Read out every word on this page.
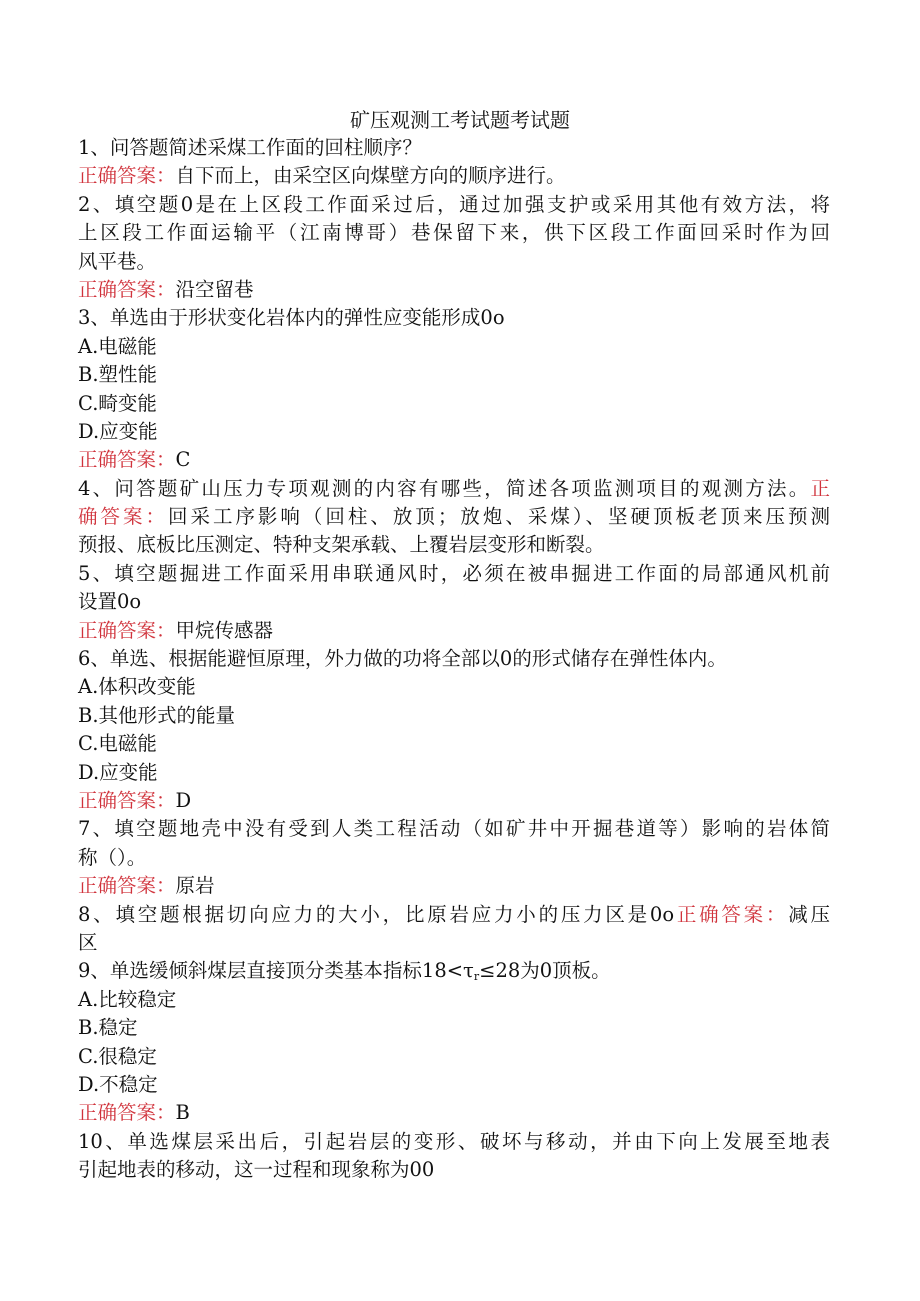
矿压观测工考试题考试题
1、问答题简述采煤工作面的回柱顺序？
正确答案：自下而上，由采空区向煤壁方向的顺序进行。
2、填空题0是在上区段工作面采过后，通过加强支护或采用其他有效方法，将
上区段工作面运输平（江南博哥）巷保留下来，供下区段工作面回采时作为回
风平巷。
正确答案：沿空留巷
3、单选由于形状变化岩体内的弹性应变能形成0o
A.电磁能
B.塑性能
C.畸变能
D.应变能
正确答案：C
4、问答题矿山压力专项观测的内容有哪些，简述各项监测项目的观测方法。正
确答案：回采工序影响（回柱、放顶；放炮、采煤）、坚硬顶板老顶来压预测
预报、底板比压测定、特种支架承载、上覆岩层变形和断裂。
5、填空题掘进工作面采用串联通风时，必须在被串掘进工作面的局部通风机前
设置0o
正确答案：甲烷传感器
6、单选、根据能避恒原理，外力做的功将全部以0的形式储存在弹性体内。
A.体积改变能
B.其他形式的能量
C.电磁能
D.应变能
正确答案：D
7、填空题地壳中没有受到人类工程活动（如矿井中开掘巷道等）影响的岩体简
称（）。
正确答案：原岩
8、填空题根据切向应力的大小，比原岩应力小的压力区是0o正确答案：减压
区
9、单选缓倾斜煤层直接顶分类基本指标$18<\tau_r\le 28$为0顶板。
A.比较稳定
B.稳定
C.很稳定
D.不稳定
正确答案：B
10、单选煤层采出后，引起岩层的变形、破坏与移动，并由下向上发展至地表
引起地表的移动，这一过程和现象称为00
